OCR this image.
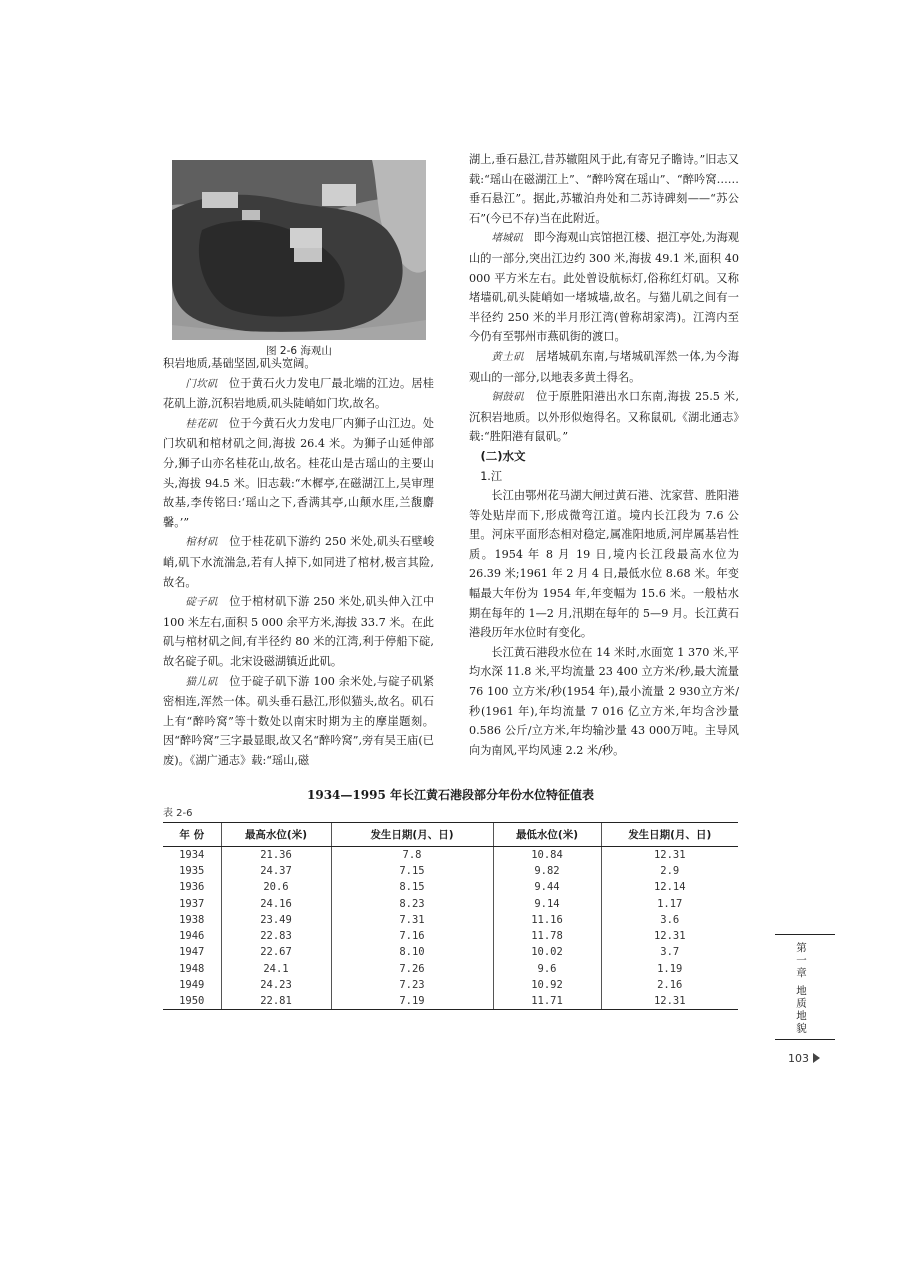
图 2-6 海观山

积岩地质,基础坚固,矶头宽阔。

门坎矶 位于黄石火力发电厂最北端的江边。居桂花矶上游,沉积岩地质,矶头陡峭如门坎,故名。

桂花矶 位于今黄石火力发电厂内狮子山江边。处门坎矶和棺材矶之间,海拔 26.4 米。为狮子山延伸部分,狮子山亦名桂花山,故名。桂花山是古瑶山的主要山头,海拔 94.5 米。旧志载:“木樨亭,在磁湖江上,吴审理故基,李传铭曰:‘瑶山之下,香满其亭,山颠水厓,兰馥麝馨。’”

棺材矶 位于桂花矶下游约 250 米处,矶头石壁峻峭,矶下水流湍急,若有人掉下,如同进了棺材,极言其险,故名。

碇子矶 位于棺材矶下游 250 米处,矶头伸入江中 100 米左右,面积 5 000 余平方米,海拔 33.7 米。在此矶与棺材矶之间,有半径约 80 米的江湾,利于停船下碇,故名碇子矶。北宋设磁湖镇近此矶。

猫儿矶 位于碇子矶下游 100 余米处,与碇子矶紧密相连,浑然一体。矶头垂石悬江,形似猫头,故名。矶石上有“醉吟窝”等十数处以南宋时期为主的摩崖题刻。因“醉吟窝”三字最显眼,故又名“醉吟窝”,旁有吴王庙(已废)。《湖广通志》载:“瑶山,磁

湖上,垂石悬江,昔苏辙阻风于此,有寄兄子瞻诗。”旧志又载:“瑶山在磁湖江上”、“醉吟窝在瑶山”、“醉吟窝……垂石悬江”。据此,苏辙泊舟处和二苏诗碑刻——“苏公石”(今已不存)当在此附近。

堵城矶 即今海观山宾馆挹江楼、挹江亭处,为海观山的一部分,突出江边约 300 米,海拔 49.1 米,面积 40 000 平方米左右。此处曾设航标灯,俗称红灯矶。又称堵墙矶,矶头陡峭如一堵城墙,故名。与猫儿矶之间有一半径约 250 米的半月形江湾(曾称胡家湾)。江湾内至今仍有至鄂州市燕矶街的渡口。

黄土矶 居堵城矶东南,与堵城矶浑然一体,为今海观山的一部分,以地表多黄土得名。

铜鼓矶 位于原胜阳港出水口东南,海拔 25.5 米,沉积岩地质。以外形似炮得名。又称鼠矶,《湖北通志》载:“胜阳港有鼠矶。”

(二)水文

1.江

长江由鄂州花马湖大闸过黄石港、沈家营、胜阳港等处贴岸而下,形成微弯江道。境内长江段为 7.6 公里。河床平面形态相对稳定,属准阳地质,河岸属基岩性质。1954 年 8 月 19 日,境内长江段最高水位为 26.39 米;1961 年 2 月 4 日,最低水位 8.68 米。年变幅最大年份为 1954 年,年变幅为 15.6 米。一般枯水期在每年的 1—2 月,汛期在每年的 5—9 月。长江黄石港段历年水位时有变化。

长江黄石港段水位在 14 米时,水面宽 1 370 米,平均水深 11.8 米,平均流量 23 400 立方米/秒,最大流量 76 100 立方米/秒(1954 年),最小流量 2 930立方米/秒(1961 年),年均流量 7 016 亿立方米,年均含沙量 0.586 公斤/立方米,年均输沙量 43 000万吨。主导风向为南风,平均风速 2.2 米/秒。

1934—1995 年长江黄石港段部分年份水位特征值表
表 2-6
年 份	最高水位(米)	发生日期(月、日)	最低水位(米)	发生日期(月、日)
1934	21.36	7.8	10.84	12.31
1935	24.37	7.15	9.82	2.9
1936	20.6	8.15	9.44	12.14
1937	24.16	8.23	9.14	1.17
1938	23.49	7.31	11.16	3.6
1946	22.83	7.16	11.78	12.31
1947	22.67	8.10	10.02	3.7
1948	24.1	7.26	9.6	1.19
1949	24.23	7.23	10.92	2.16
1950	22.81	7.19	11.71	12.31	第一章 地质地貌
103
